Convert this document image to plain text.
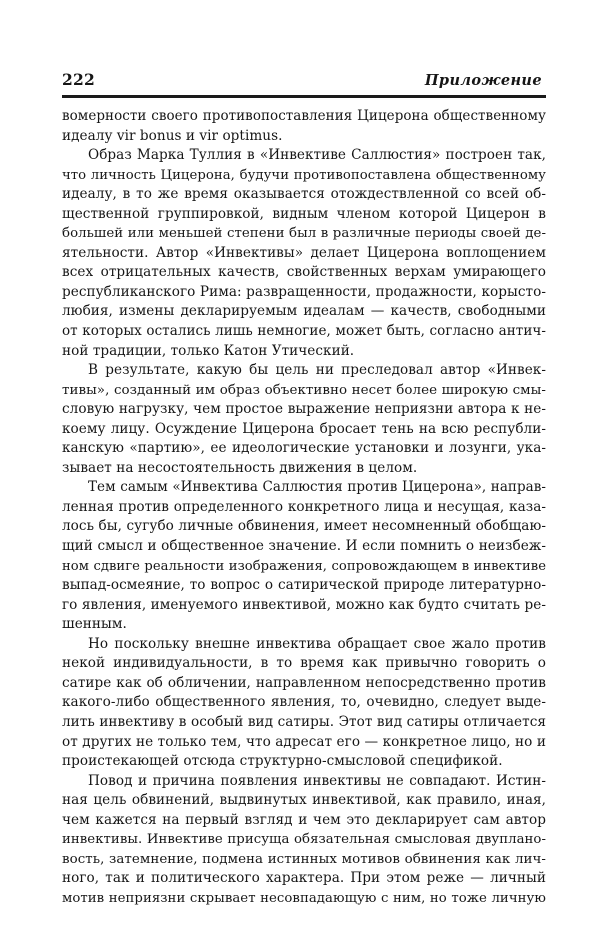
222	Приложение
вомерности своего противопоставления Цицерона общественному
идеалу vir bonus и vir optimus.
Образ Марка Туллия в «Инвективе Саллюстия» построен так,
что личность Цицерона, будучи противопоставлена общественному
идеалу, в то же время оказывается отождествленной со всей об-
щественной группировкой, видным членом которой Цицерон в
большей или меньшей степени был в различные периоды своей де-
ятельности. Автор «Инвективы» делает Цицерона воплощением
всех отрицательных качеств, свойственных верхам умирающего
республиканского Рима: развращенности, продажности, корысто-
любия, измены декларируемым идеалам — качеств, свободными
от которых остались лишь немногие, может быть, согласно антич-
ной традиции, только Катон Утический.
В результате, какую бы цель ни преследовал автор «Инвек-
тивы», созданный им образ объективно несет более широкую смы-
словую нагрузку, чем простое выражение неприязни автора к не-
коему лицу. Осуждение Цицерона бросает тень на всю республи-
канскую «партию», ее идеологические установки и лозунги, ука-
зывает на несостоятельность движения в целом.
Тем самым «Инвектива Саллюстия против Цицерона», направ-
ленная против определенного конкретного лица и несущая, каза-
лось бы, сугубо личные обвинения, имеет несомненный обобщаю-
щий смысл и общественное значение. И если помнить о неизбеж-
ном сдвиге реальности изображения, сопровождающем в инвективе
выпад-осмеяние, то вопрос о сатирической природе литературно-
го явления, именуемого инвективой, можно как будто считать ре-
шенным.
Но поскольку внешне инвектива обращает свое жало против
некой индивидуальности, в то время как привычно говорить о
сатире как об обличении, направленном непосредственно против
какого-либо общественного явления, то, очевидно, следует выде-
лить инвективу в особый вид сатиры. Этот вид сатиры отличается
от других не только тем, что адресат его — конкретное лицо, но и
проистекающей отсюда структурно-смысловой спецификой.
Повод и причина появления инвективы не совпадают. Истин-
ная цель обвинений, выдвинутых инвективой, как правило, иная,
чем кажется на первый взгляд и чем это декларирует сам автор
инвективы. Инвективе присуща обязательная смысловая двуплано-
вость, затемнение, подмена истинных мотивов обвинения как лич-
ного, так и политического характера. При этом реже — личный
мотив неприязни скрывает несовпадающую с ним, но тоже личную
